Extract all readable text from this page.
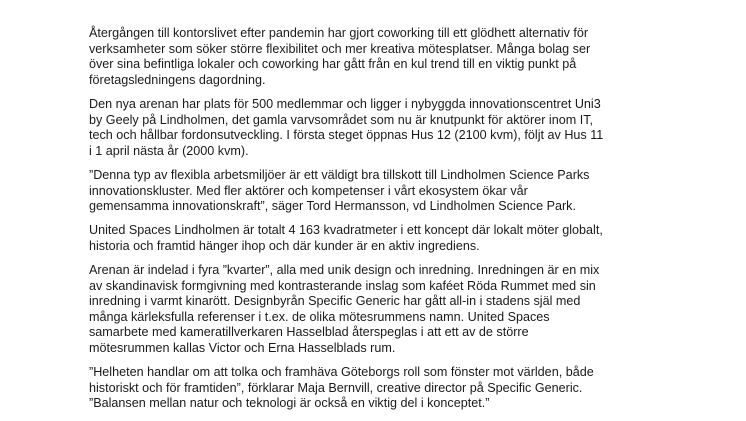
Återgången till kontorslivet efter pandemin har gjort coworking till ett glödhett alternativ för
verksamheter som söker större flexibilitet och mer kreativa mötesplatser. Många bolag ser
över sina befintliga lokaler och coworking har gått från en kul trend till en viktig punkt på
företagsledningens dagordning.

Den nya arenan har plats för 500 medlemmar och ligger i nybyggda innovationscentret Uni3
by Geely på Lindholmen, det gamla varvsområdet som nu är knutpunkt för aktörer inom IT,
tech och hållbar fordonsutveckling. I första steget öppnas Hus 12 (2100 kvm), följt av Hus 11
i 1 april nästa år (2000 kvm).

”Denna typ av flexibla arbetsmiljöer är ett väldigt bra tillskott till Lindholmen Science Parks
innovationskluster. Med fler aktörer och kompetenser i vårt ekosystem ökar vår
gemensamma innovationskraft”, säger Tord Hermansson, vd Lindholmen Science Park.

United Spaces Lindholmen är totalt 4 163 kvadratmeter i ett koncept där lokalt möter globalt,
historia och framtid hänger ihop och där kunder är en aktiv ingrediens.

Arenan är indelad i fyra ”kvarter”, alla med unik design och inredning. Inredningen är en mix
av skandinavisk formgivning med kontrasterande inslag som kaféet Röda Rummet med sin
inredning i varmt kinarött. Designbyrån Specific Generic har gått all-in i stadens själ med
många kärleksfulla referenser i t.ex. de olika mötesrummens namn. United Spaces
samarbete med kameratillverkaren Hasselblad återspeglas i att ett av de större
mötesrummen kallas Victor och Erna Hasselblads rum.

”Helheten handlar om att tolka och framhäva Göteborgs roll som fönster mot världen, både
historiskt och för framtiden”, förklarar Maja Bernvill, creative director på Specific Generic.
”Balansen mellan natur och teknologi är också en viktig del i konceptet.”
